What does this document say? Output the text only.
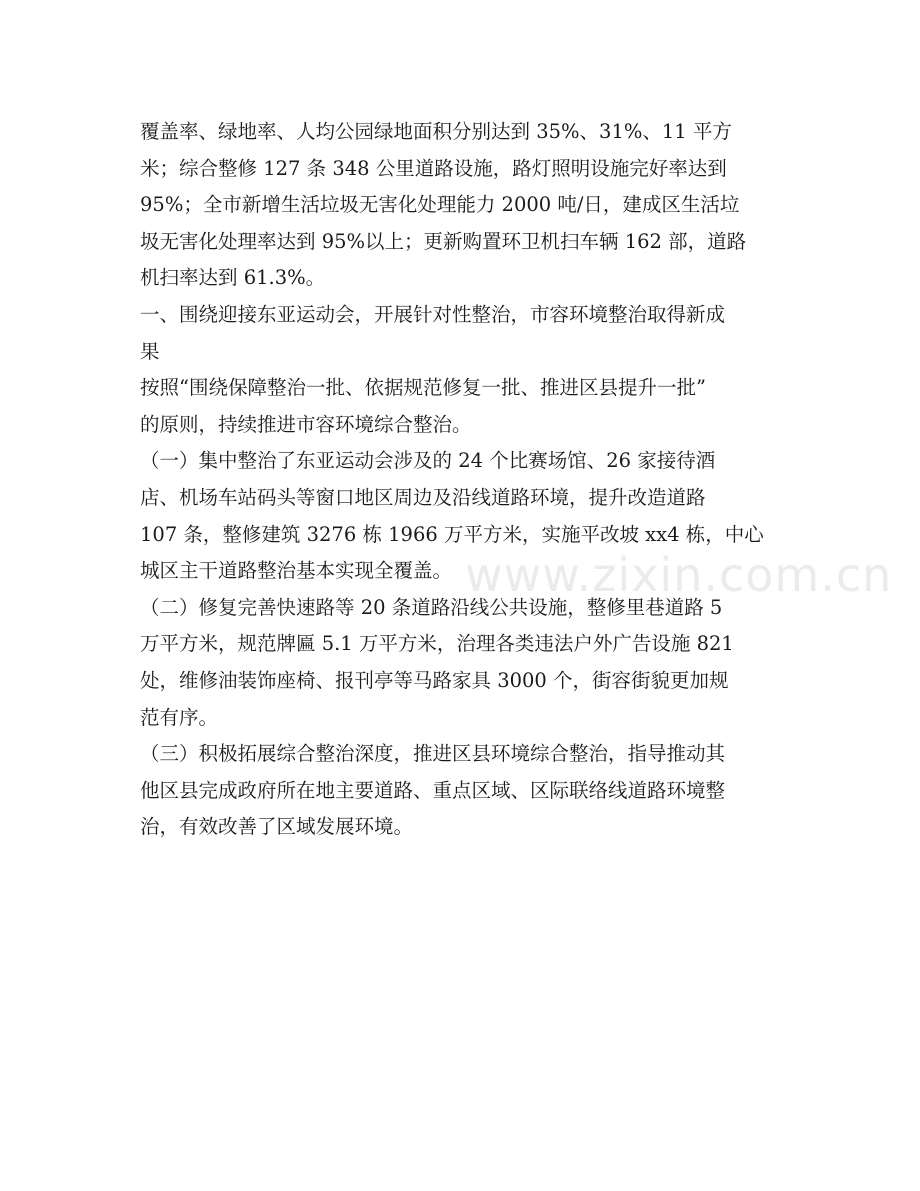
覆盖率、绿地率、人均公园绿地面积分别达到 35%、31%、11 平方
米；综合整修 127 条 348 公里道路设施，路灯照明设施完好率达到
95%；全市新增生活垃圾无害化处理能力 2000 吨/日，建成区生活垃
圾无害化处理率达到 95%以上；更新购置环卫机扫车辆 162 部，道路
机扫率达到 61.3%。
一、围绕迎接东亚运动会，开展针对性整治，市容环境整治取得新成
果
按照“围绕保障整治一批、依据规范修复一批、推进区县提升一批”
的原则，持续推进市容环境综合整治。
（一）集中整治了东亚运动会涉及的 24 个比赛场馆、26 家接待酒
店、机场车站码头等窗口地区周边及沿线道路环境，提升改造道路
107 条，整修建筑 3276 栋 1966 万平方米，实施平改坡 xx4 栋，中心
城区主干道路整治基本实现全覆盖。
（二）修复完善快速路等 20 条道路沿线公共设施，整修里巷道路 5
万平方米，规范牌匾 5.1 万平方米，治理各类违法户外广告设施 821
处，维修油装饰座椅、报刊亭等马路家具 3000 个，街容街貌更加规
范有序。
（三）积极拓展综合整治深度，推进区县环境综合整治，指导推动其
他区县完成政府所在地主要道路、重点区域、区际联络线道路环境整
治，有效改善了区域发展环境。
www.zixin.com.cn
